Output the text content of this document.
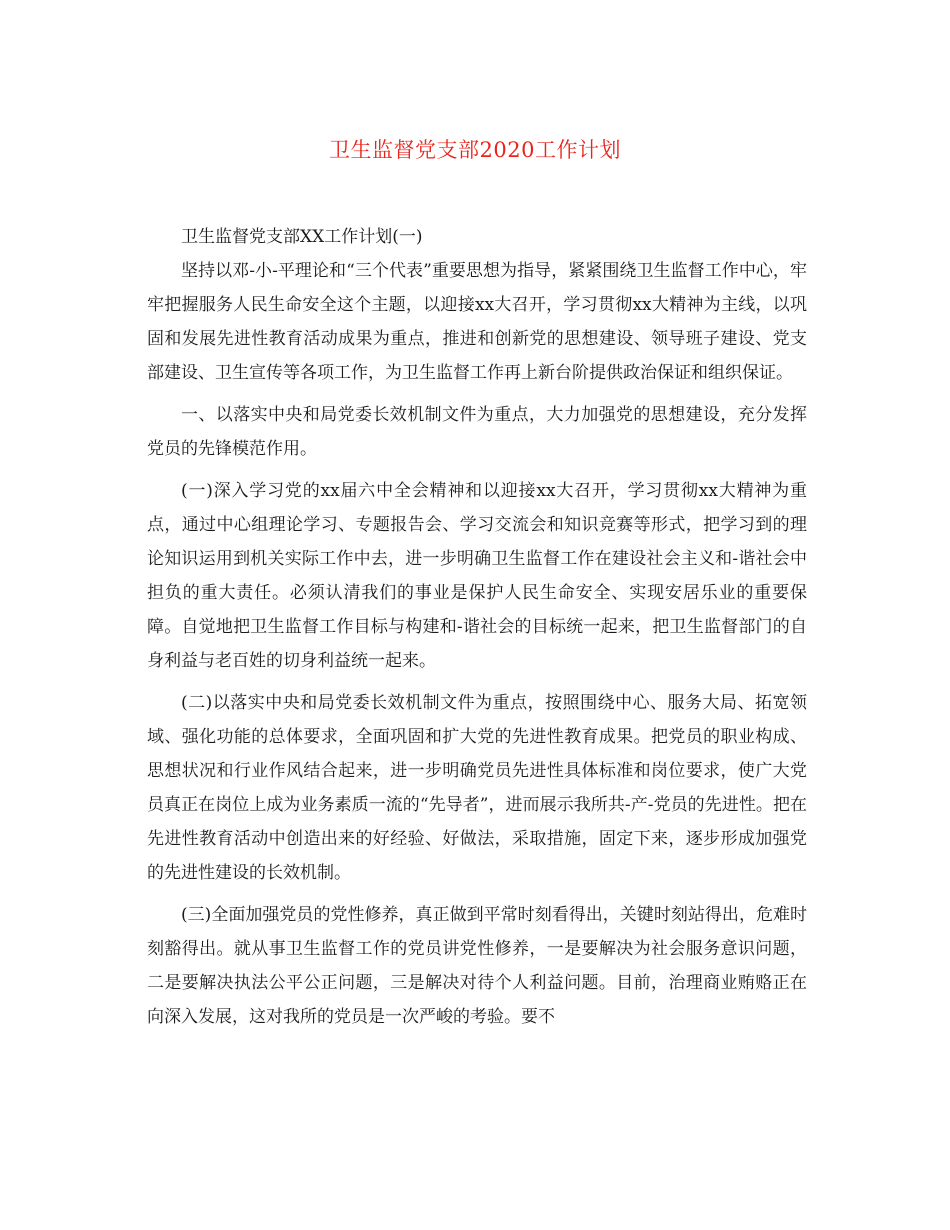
卫生监督党支部2020工作计划

卫生监督党支部XX工作计划(一)

坚持以邓-小-平理论和“三个代表”重要思想为指导，紧紧围绕卫生监督工作中心，牢牢把握服务人民生命安全这个主题，以迎接xx大召开，学习贯彻xx大精神为主线，以巩固和发展先进性教育活动成果为重点，推进和创新党的思想建设、领导班子建设、党支部建设、卫生宣传等各项工作，为卫生监督工作再上新台阶提供政治保证和组织保证。

一、以落实中央和局党委长效机制文件为重点，大力加强党的思想建设，充分发挥党员的先锋模范作用。

(一)深入学习党的xx届六中全会精神和以迎接xx大召开，学习贯彻xx大精神为重点，通过中心组理论学习、专题报告会、学习交流会和知识竞赛等形式，把学习到的理论知识运用到机关实际工作中去，进一步明确卫生监督工作在建设社会主义和-谐社会中担负的重大责任。必须认清我们的事业是保护人民生命安全、实现安居乐业的重要保障。自觉地把卫生监督工作目标与构建和-谐社会的目标统一起来，把卫生监督部门的自身利益与老百姓的切身利益统一起来。

(二)以落实中央和局党委长效机制文件为重点，按照围绕中心、服务大局、拓宽领域、强化功能的总体要求，全面巩固和扩大党的先进性教育成果。把党员的职业构成、思想状况和行业作风结合起来，进一步明确党员先进性具体标准和岗位要求，使广大党员真正在岗位上成为业务素质一流的“先导者”，进而展示我所共-产-党员的先进性。把在先进性教育活动中创造出来的好经验、好做法，采取措施，固定下来，逐步形成加强党的先进性建设的长效机制。

(三)全面加强党员的党性修养，真正做到平常时刻看得出，关键时刻站得出，危难时刻豁得出。就从事卫生监督工作的党员讲党性修养，一是要解决为社会服务意识问题，二是要解决执法公平公正问题，三是解决对待个人利益问题。目前，治理商业贿赂正在向深入发展，这对我所的党员是一次严峻的考验。要不
